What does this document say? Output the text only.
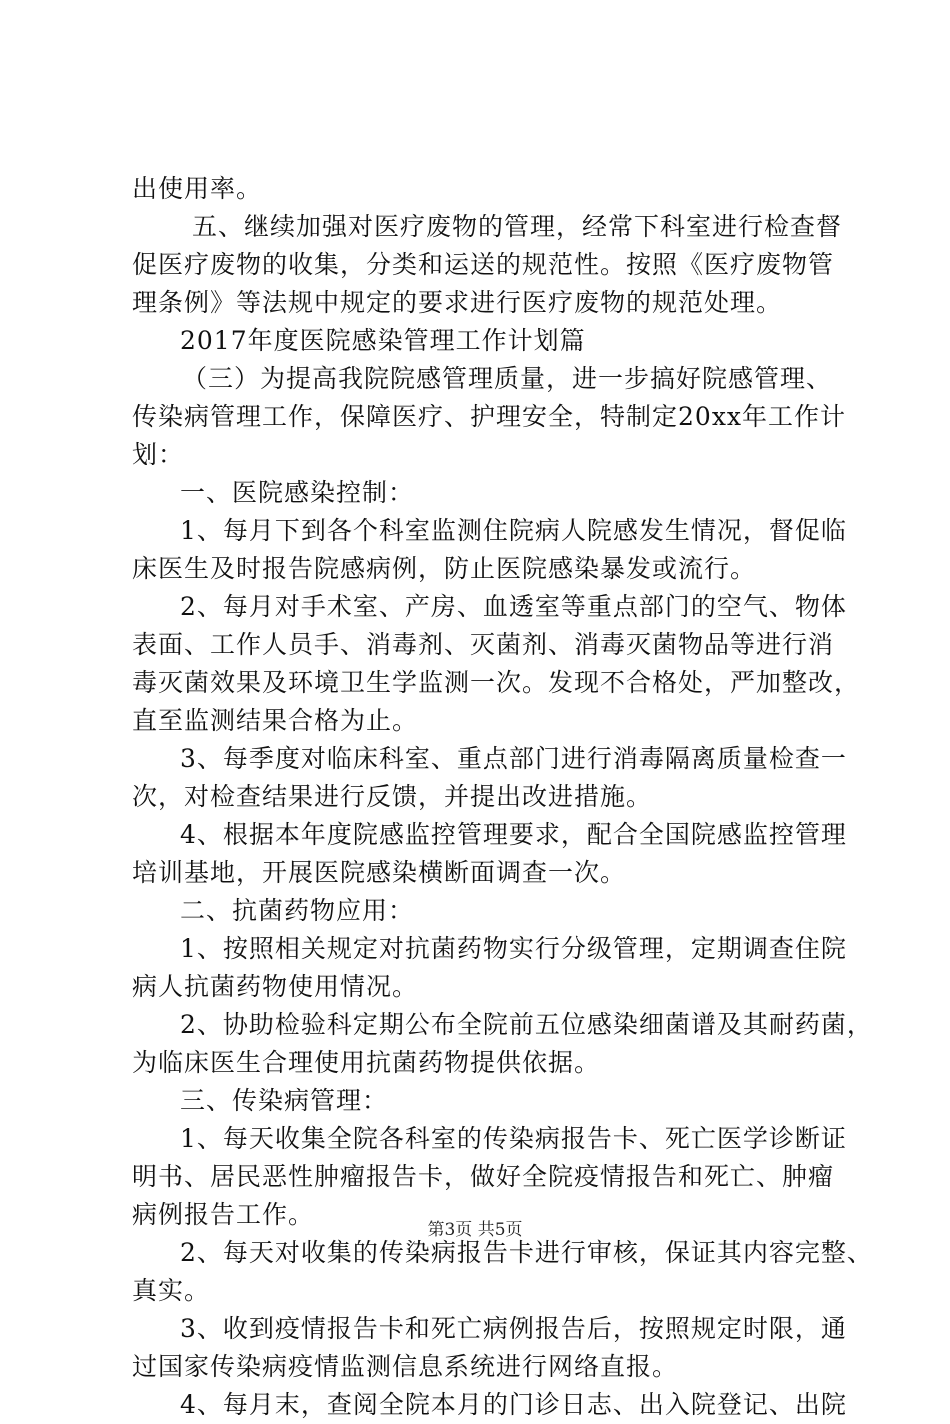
出使用率。
五、继续加强对医疗废物的管理，经常下科室进行检查督
促医疗废物的收集，分类和运送的规范性。按照《医疗废物管
理条例》等法规中规定的要求进行医疗废物的规范处理。
2017年度医院感染管理工作计划篇
（三）为提高我院院感管理质量，进一步搞好院感管理、
传染病管理工作，保障医疗、护理安全，特制定20xx年工作计
划：
一、医院感染控制：
1、每月下到各个科室监测住院病人院感发生情况，督促临
床医生及时报告院感病例，防止医院感染暴发或流行。
2、每月对手术室、产房、血透室等重点部门的空气、物体
表面、工作人员手、消毒剂、灭菌剂、消毒灭菌物品等进行消
毒灭菌效果及环境卫生学监测一次。发现不合格处，严加整改，
直至监测结果合格为止。
3、每季度对临床科室、重点部门进行消毒隔离质量检查一
次，对检查结果进行反馈，并提出改进措施。
4、根据本年度院感监控管理要求，配合全国院感监控管理
培训基地，开展医院感染横断面调查一次。
二、抗菌药物应用：
1、按照相关规定对抗菌药物实行分级管理，定期调查住院
病人抗菌药物使用情况。
2、协助检验科定期公布全院前五位感染细菌谱及其耐药菌，
为临床医生合理使用抗菌药物提供依据。
三、传染病管理：
1、每天收集全院各科室的传染病报告卡、死亡医学诊断证
明书、居民恶性肿瘤报告卡，做好全院疫情报告和死亡、肿瘤
病例报告工作。
2、每天对收集的传染病报告卡进行审核，保证其内容完整、
真实。
3、收到疫情报告卡和死亡病例报告后，按照规定时限，通
过国家传染病疫情监测信息系统进行网络直报。
4、每月末，查阅全院本月的门诊日志、出入院登记、出院
第3页 共5页
